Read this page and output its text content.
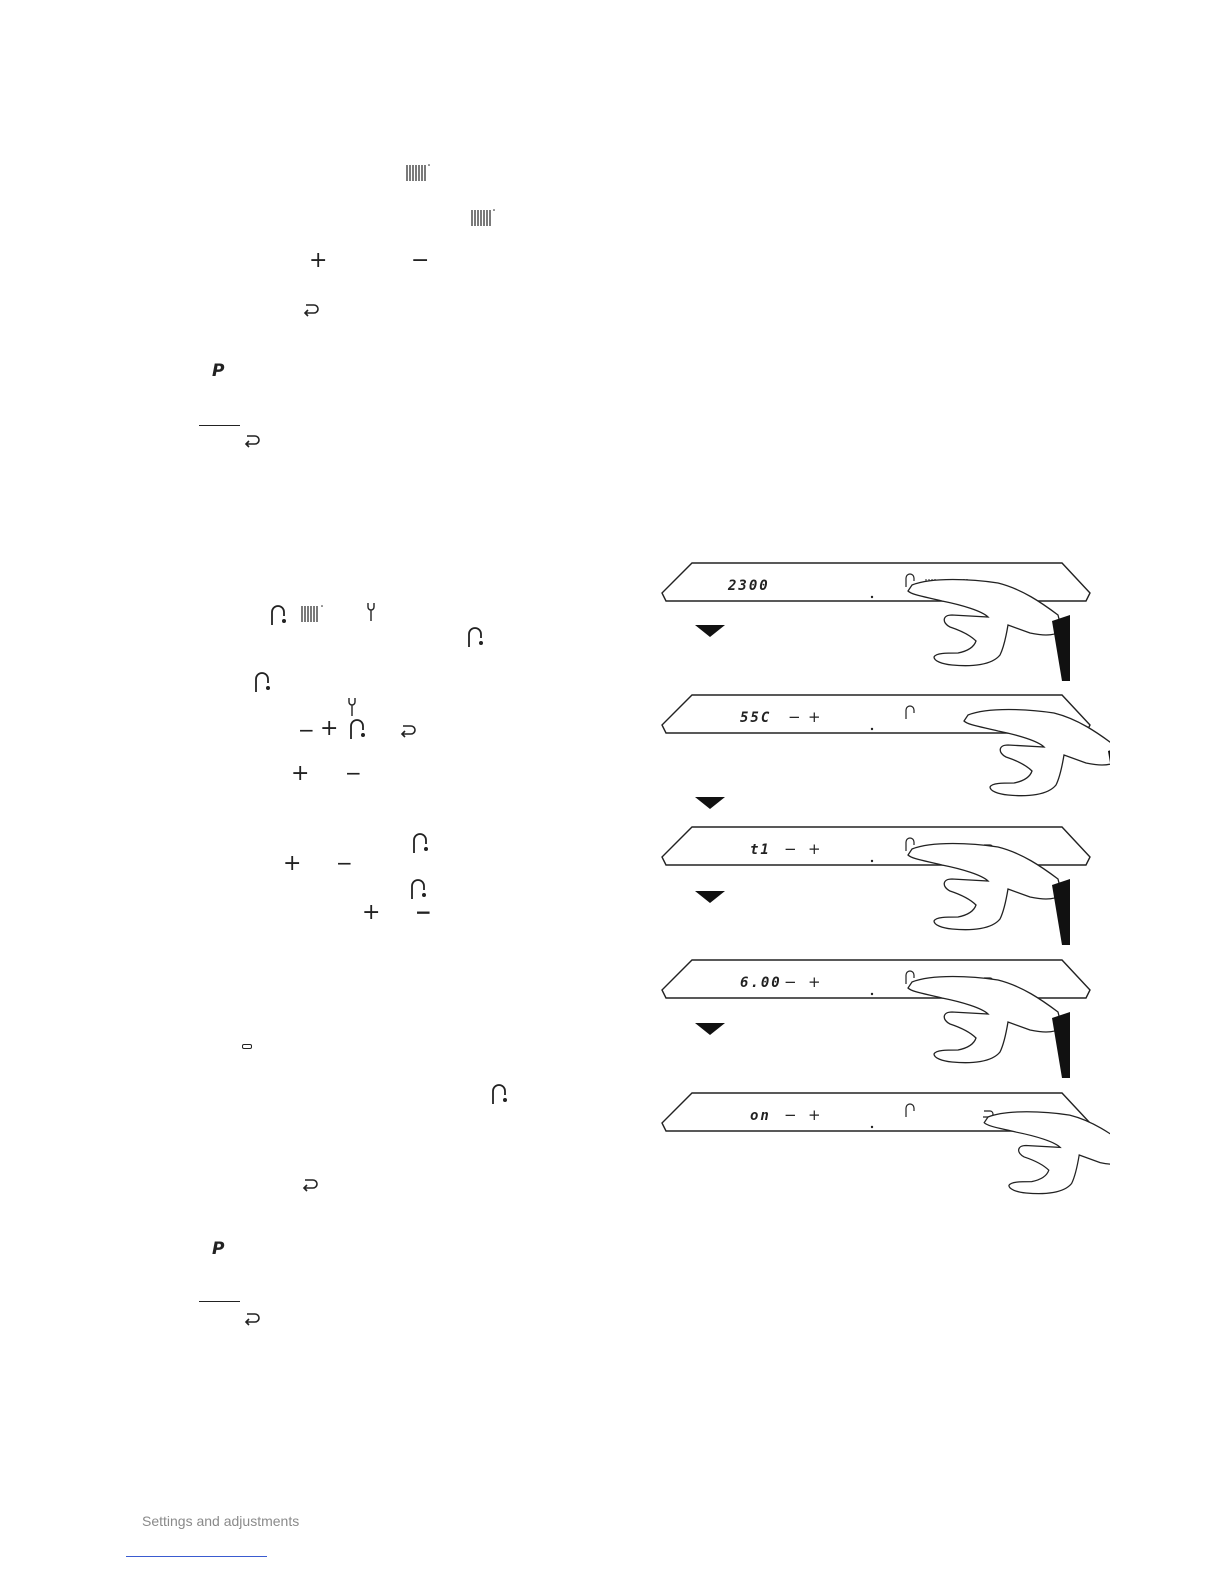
+	−
P
− +
+ −
+ −
+ −
P
2300
55C − +
t1 − +
6.00 − +
on − +
Settings and adjustments
